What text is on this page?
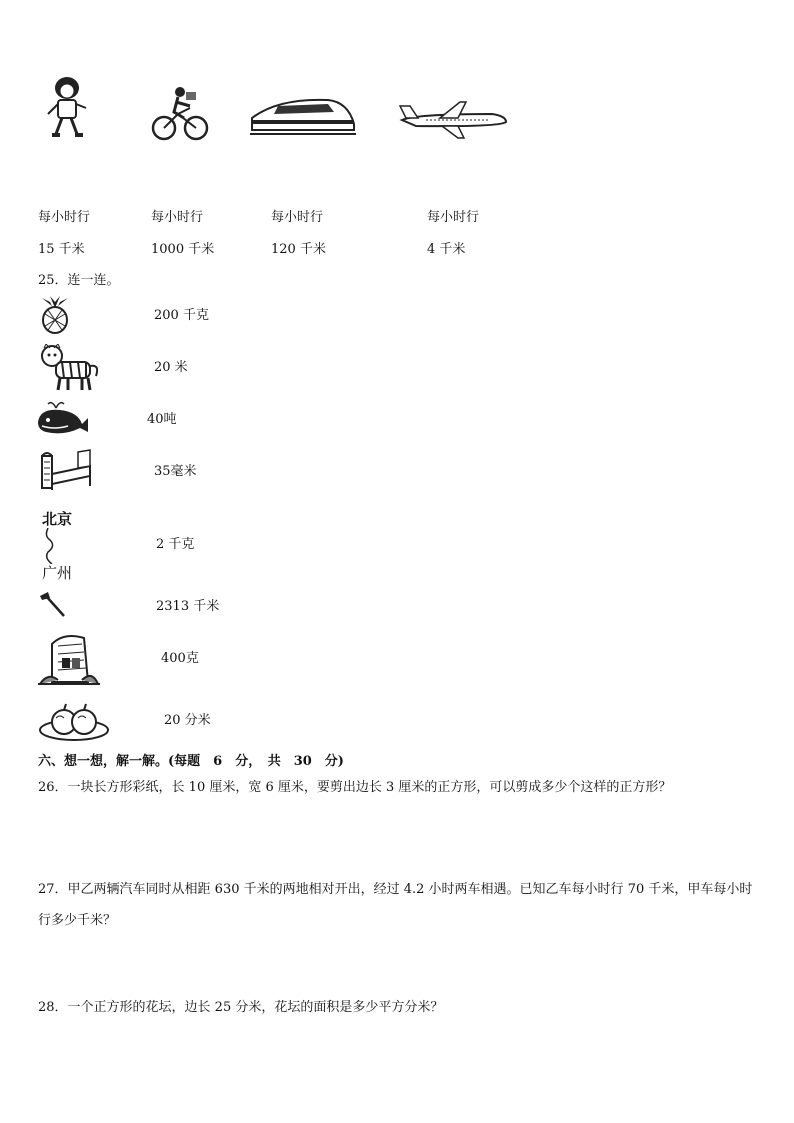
每小时行	每小时行	每小时行	每小时行
15 千米	1000 千米	120 千米	4 千米
25．连一连。
200 千克
20 米
40吨
35毫米
北京
广州
2 千克
2313 千米
400克
20 分米
六、想一想，解一解。(每题　6　分，　共　30　分)
26．一块长方形彩纸，长 10 厘米，宽 6 厘米，要剪出边长 3 厘米的正方形，可以剪成多少个这样的正方形？
27．甲乙两辆汽车同时从相距 630 千米的两地相对开出，经过 4.2 小时两车相遇。已知乙车每小时行 70 千米，甲车每小时行多少千米？
28．一个正方形的花坛，边长 25 分米，花坛的面积是多少平方分米？
